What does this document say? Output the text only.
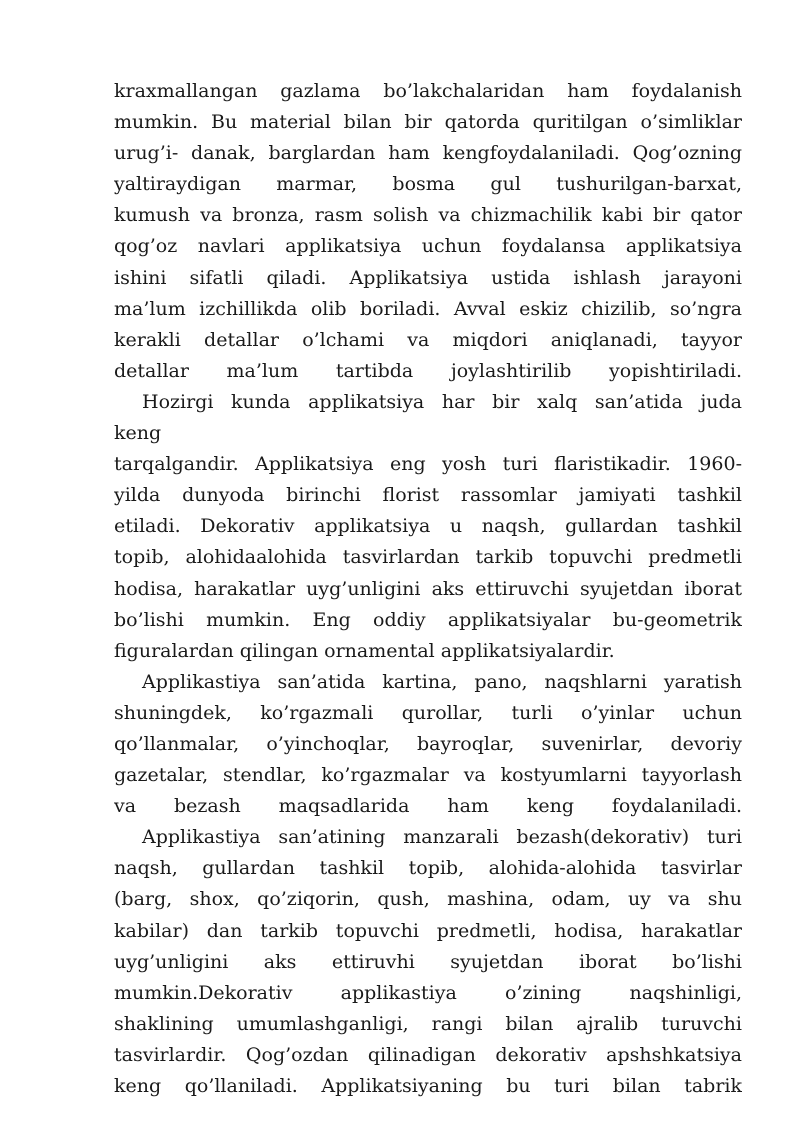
kraxmallangan gazlama bo’lakchalaridan ham foydalanish
mumkin. Bu material bilan bir qatorda quritilgan o’simliklar
urug’i- danak, barglardan ham kengfoydalaniladi. Qog’ozning
yaltiraydigan marmar, bosma gul tushurilgan-barxat,
kumush va bronza, rasm solish va chizmachilik kabi bir qator
qog’oz navlari applikatsiya uchun foydalansa applikatsiya
ishini sifatli qiladi. Applikatsiya ustida ishlash jarayoni
ma’lum izchillikda olib boriladi. Avval eskiz chizilib, so’ngra
kerakli detallar o’lchami va miqdori aniqlanadi, tayyor
detallar ma’lum tartibda joylashtirilib yopishtiriladi.
Hozirgi kunda applikatsiya har bir xalq san’atida juda
keng
tarqalgandir. Applikatsiya eng yosh turi flaristikadir. 1960-
yilda dunyoda birinchi florist rassomlar jamiyati tashkil
etiladi. Dekorativ applikatsiya u naqsh, gullardan tashkil
topib, alohidaalohida tasvirlardan tarkib topuvchi predmetli
hodisa, harakatlar uyg’unligini aks ettiruvchi syujetdan iborat
bo’lishi mumkin. Eng oddiy applikatsiyalar bu-geometrik
figuralardan qilingan ornamental applikatsiyalardir.
Applikastiya san’atida kartina, pano, naqshlarni yaratish
shuningdek, ko’rgazmali qurollar, turli o’yinlar uchun
qo’llanmalar, o’yinchoqlar, bayroqlar, suvenirlar, devoriy
gazetalar, stendlar, ko’rgazmalar va kostyumlarni tayyorlash
va bezash maqsadlarida ham keng foydalaniladi.
Applikastiya san’atining manzarali bezash(dekorativ) turi
naqsh, gullardan tashkil topib, alohida-alohida tasvirlar
(barg, shox, qo’ziqorin, qush, mashina, odam, uy va shu
kabilar) dan tarkib topuvchi predmetli, hodisa, harakatlar
uyg’unligini aks ettiruvhi syujetdan iborat bo’lishi
mumkin.Dekorativ applikastiya o’zining naqshinligi,
shaklining umumlashganligi, rangi bilan ajralib turuvchi
tasvirlardir. Qog’ozdan qilinadigan dekorativ apshshkatsiya
keng qo’llaniladi. Applikatsiyaning bu turi bilan tabrik
